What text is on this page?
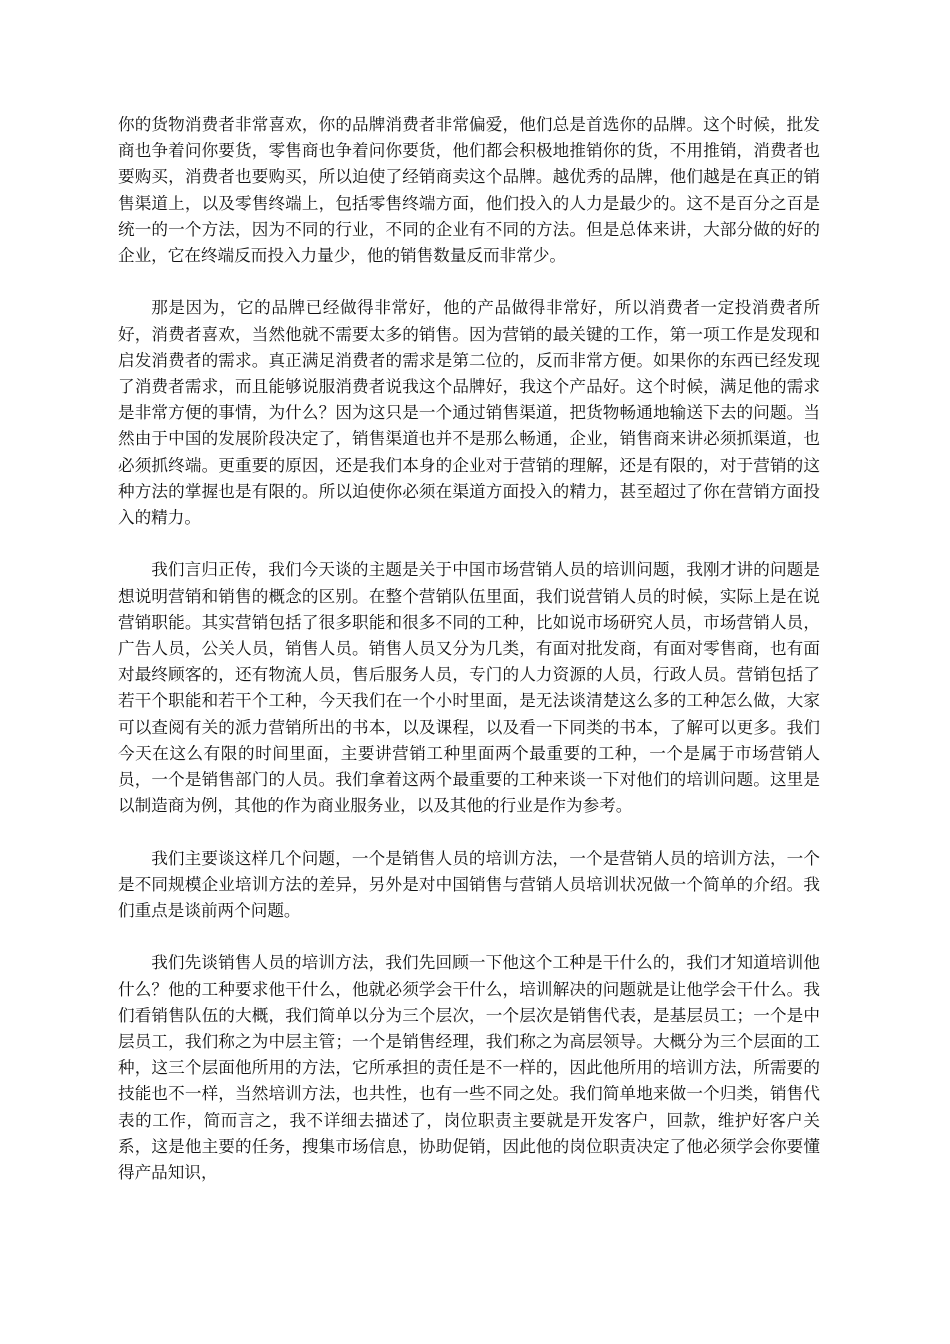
你的货物消费者非常喜欢，你的品牌消费者非常偏爱，他们总是首选你的品牌。这个时候，批发商也争着问你要货，零售商也争着问你要货，他们都会积极地推销你的货，不用推销，消费者也要购买，消费者也要购买，所以迫使了经销商卖这个品牌。越优秀的品牌，他们越是在真正的销售渠道上，以及零售终端上，包括零售终端方面，他们投入的人力是最少的。这不是百分之百是统一的一个方法，因为不同的行业，不同的企业有不同的方法。但是总体来讲，大部分做的好的企业，它在终端反而投入力量少，他的销售数量反而非常少。

那是因为，它的品牌已经做得非常好，他的产品做得非常好，所以消费者一定投消费者所好，消费者喜欢，当然他就不需要太多的销售。因为营销的最关键的工作，第一项工作是发现和启发消费者的需求。真正满足消费者的需求是第二位的，反而非常方便。如果你的东西已经发现了消费者需求，而且能够说服消费者说我这个品牌好，我这个产品好。这个时候，满足他的需求是非常方便的事情，为什么？因为这只是一个通过销售渠道，把货物畅通地输送下去的问题。当然由于中国的发展阶段决定了，销售渠道也并不是那么畅通，企业，销售商来讲必须抓渠道，也必须抓终端。更重要的原因，还是我们本身的企业对于营销的理解，还是有限的，对于营销的这种方法的掌握也是有限的。所以迫使你必须在渠道方面投入的精力，甚至超过了你在营销方面投入的精力。

我们言归正传，我们今天谈的主题是关于中国市场营销人员的培训问题，我刚才讲的问题是想说明营销和销售的概念的区别。在整个营销队伍里面，我们说营销人员的时候，实际上是在说营销职能。其实营销包括了很多职能和很多不同的工种，比如说市场研究人员，市场营销人员，广告人员，公关人员，销售人员。销售人员又分为几类，有面对批发商，有面对零售商，也有面对最终顾客的，还有物流人员，售后服务人员，专门的人力资源的人员，行政人员。营销包括了若干个职能和若干个工种，今天我们在一个小时里面，是无法谈清楚这么多的工种怎么做，大家可以查阅有关的派力营销所出的书本，以及课程，以及看一下同类的书本，了解可以更多。我们今天在这么有限的时间里面，主要讲营销工种里面两个最重要的工种，一个是属于市场营销人员，一个是销售部门的人员。我们拿着这两个最重要的工种来谈一下对他们的培训问题。这里是以制造商为例，其他的作为商业服务业，以及其他的行业是作为参考。

我们主要谈这样几个问题，一个是销售人员的培训方法，一个是营销人员的培训方法，一个是不同规模企业培训方法的差异，另外是对中国销售与营销人员培训状况做一个简单的介绍。我们重点是谈前两个问题。

我们先谈销售人员的培训方法，我们先回顾一下他这个工种是干什么的，我们才知道培训他什么？他的工种要求他干什么，他就必须学会干什么，培训解决的问题就是让他学会干什么。我们看销售队伍的大概，我们简单以分为三个层次，一个层次是销售代表，是基层员工；一个是中层员工，我们称之为中层主管；一个是销售经理，我们称之为高层领导。大概分为三个层面的工种，这三个层面他所用的方法，它所承担的责任是不一样的，因此他所用的培训方法，所需要的技能也不一样，当然培训方法，也共性，也有一些不同之处。我们简单地来做一个归类，销售代表的工作，简而言之，我不详细去描述了，岗位职责主要就是开发客户，回款，维护好客户关系，这是他主要的任务，搜集市场信息，协助促销，因此他的岗位职责决定了他必须学会你要懂得产品知识，
